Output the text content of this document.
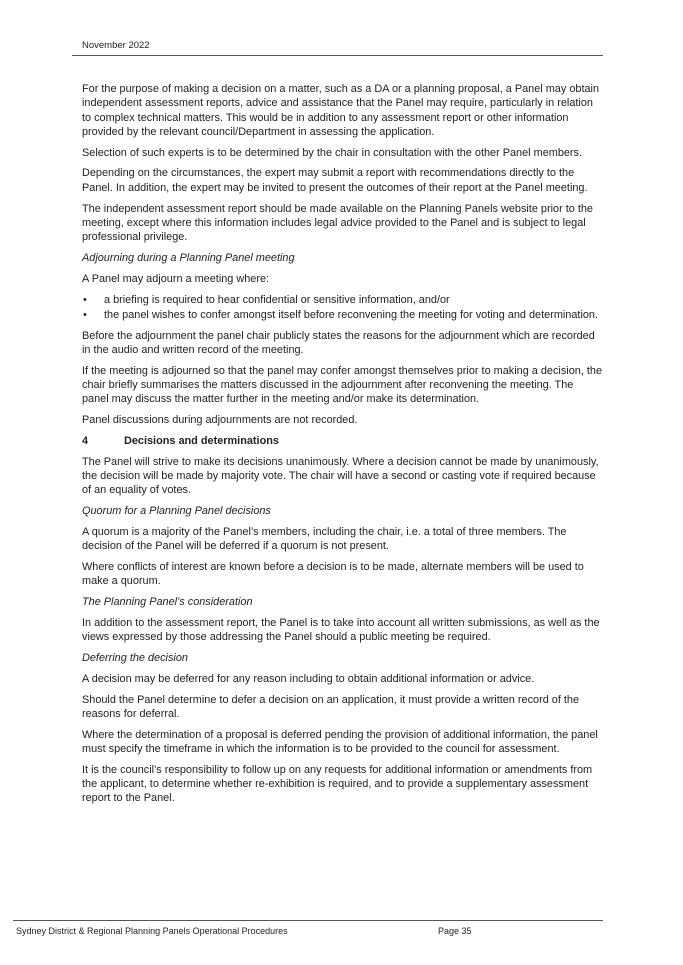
November 2022

For the purpose of making a decision on a matter, such as a DA or a planning proposal, a Panel may obtain independent assessment reports, advice and assistance that the Panel may require, particularly in relation to complex technical matters. This would be in addition to any assessment report or other information provided by the relevant council/Department in assessing the application.

Selection of such experts is to be determined by the chair in consultation with the other Panel members.

Depending on the circumstances, the expert may submit a report with recommendations directly to the Panel. In addition, the expert may be invited to present the outcomes of their report at the Panel meeting.

The independent assessment report should be made available on the Planning Panels website prior to the meeting, except where this information includes legal advice provided to the Panel and is subject to legal professional privilege.

Adjourning during a Planning Panel meeting

A Panel may adjourn a meeting where:

• a briefing is required to hear confidential or sensitive information, and/or
• the panel wishes to confer amongst itself before reconvening the meeting for voting and determination.

Before the adjournment the panel chair publicly states the reasons for the adjournment which are recorded in the audio and written record of the meeting.

If the meeting is adjourned so that the panel may confer amongst themselves prior to making a decision, the chair briefly summarises the matters discussed in the adjournment after reconvening the meeting. The panel may discuss the matter further in the meeting and/or make its determination.

Panel discussions during adjournments are not recorded.

4	Decisions and determinations

The Panel will strive to make its decisions unanimously. Where a decision cannot be made by unanimously, the decision will be made by majority vote. The chair will have a second or casting vote if required because of an equality of votes.

Quorum for a Planning Panel decisions

A quorum is a majority of the Panel’s members, including the chair, i.e. a total of three members. The decision of the Panel will be deferred if a quorum is not present.

Where conflicts of interest are known before a decision is to be made, alternate members will be used to make a quorum.

The Planning Panel’s consideration

In addition to the assessment report, the Panel is to take into account all written submissions, as well as the views expressed by those addressing the Panel should a public meeting be required.

Deferring the decision

A decision may be deferred for any reason including to obtain additional information or advice.

Should the Panel determine to defer a decision on an application, it must provide a written record of the reasons for deferral.

Where the determination of a proposal is deferred pending the provision of additional information, the panel must specify the timeframe in which the information is to be provided to the council for assessment.

It is the council’s responsibility to follow up on any requests for additional information or amendments from the applicant, to determine whether re-exhibition is required, and to provide a supplementary assessment report to the Panel.

Sydney District & Regional Planning Panels Operational Procedures	Page 35
